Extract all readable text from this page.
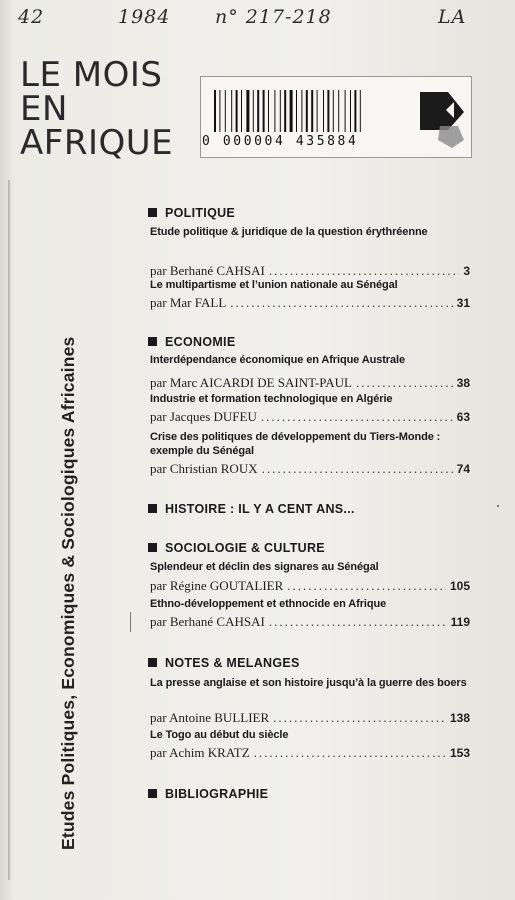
42	1984 n° 217-218	LA
LE MOIS
EN
AFRIQUE 0 000004 435884
Etudes Politiques, Economiques & Sociologiques Africaines
POLITIQUE
Etude politique & juridique de la question érythréenne
par Berhané CAHSAI .....	3
Le multipartisme et l’union nationale au Sénégal
par Mar FALL .....	31
ECONOMIE
Interdépendance économique en Afrique Australe
par Marc AICARDI DE SAINT-PAUL .....	38
Industrie et formation technologique en Algérie
par Jacques DUFEU .....	63
Crise des politiques de développement du Tiers-Monde : exemple du Sénégal
par Christian ROUX .....	74
HISTOIRE : IL Y A CENT ANS...
SOCIOLOGIE & CULTURE
Splendeur et déclin des signares au Sénégal
par Régine GOUTALIER .....	105
Ethno-développement et ethnocide en Afrique
par Berhané CAHSAI .....	119
NOTES & MELANGES
La presse anglaise et son histoire jusqu’à la guerre des boers
par Antoine BULLIER .....	138
Le Togo au début du siècle
par Achim KRATZ .....	153
BIBLIOGRAPHIE
